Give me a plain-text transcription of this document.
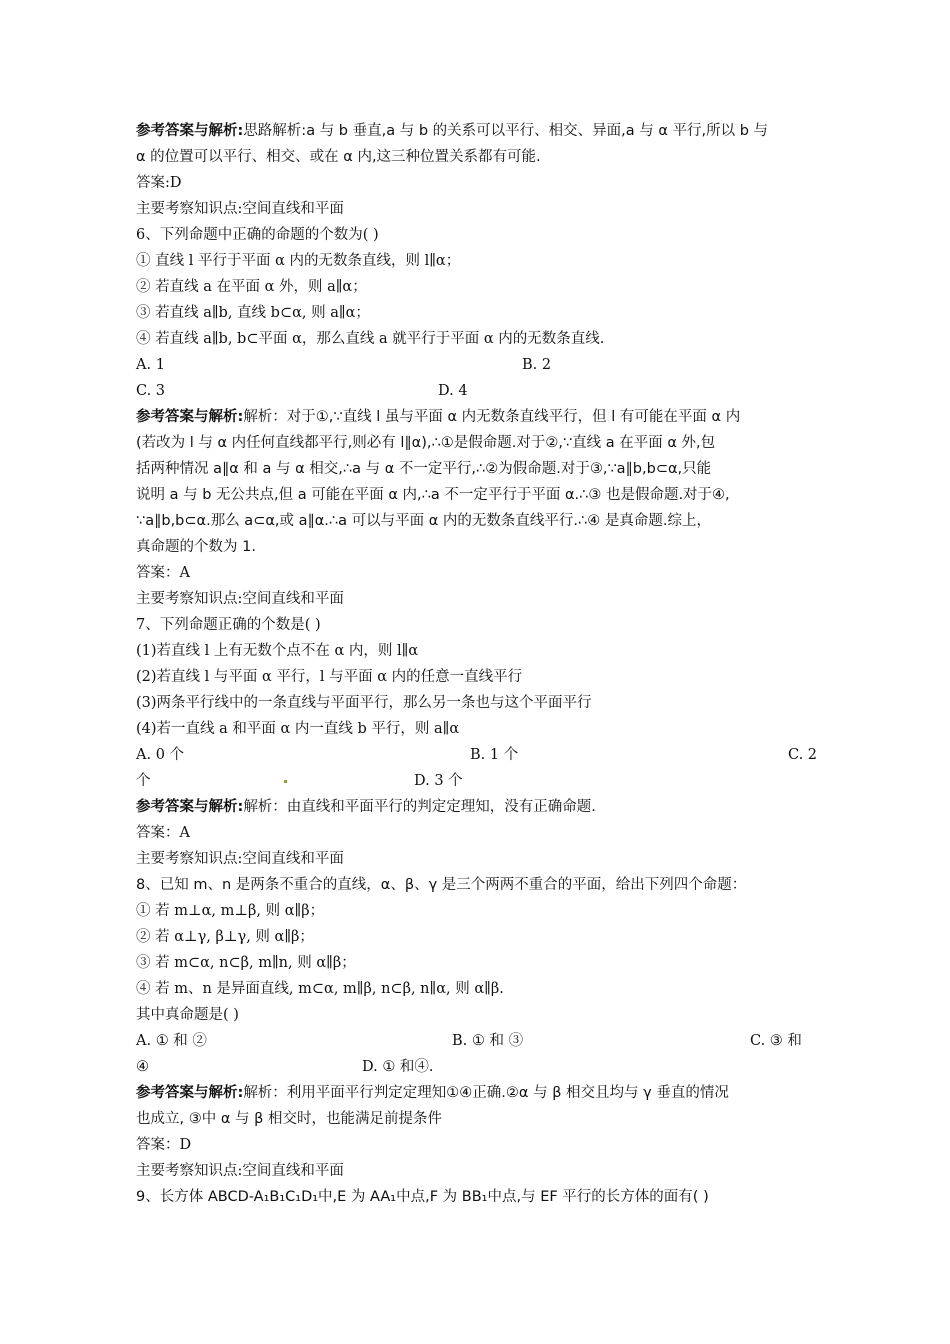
参考答案与解析:思路解析:a 与 b 垂直,a 与 b 的关系可以平行、相交、异面,a 与 α 平行,所以 b 与
α 的位置可以平行、相交、或在 α 内,这三种位置关系都有可能.
答案:D
主要考察知识点:空间直线和平面
6、下列命题中正确的命题的个数为( )
① 直线 l 平行于平面 α 内的无数条直线，则 l∥α；
② 若直线 a 在平面 α 外，则 a∥α；
③ 若直线 a∥b, 直线 b⊂α, 则 a∥α；
④ 若直线 a∥b, b⊂平面 α，那么直线 a 就平行于平面 α 内的无数条直线.
A. 1	B. 2
C. 3	D. 4
参考答案与解析:解析：对于①,∵直线 l 虽与平面 α 内无数条直线平行，但 l 有可能在平面 α 内
(若改为 l 与 α 内任何直线都平行,则必有 l∥α),∴①是假命题.对于②,∵直线 a 在平面 α 外,包
括两种情况 a∥α 和 a 与 α 相交,∴a 与 α 不一定平行,∴②为假命题.对于③,∵a∥b,b⊂α,只能
说明 a 与 b 无公共点,但 a 可能在平面 α 内,∴a 不一定平行于平面 α.∴③ 也是假命题.对于④,
∵a∥b,b⊂α.那么 a⊂α,或 a∥α.∴a 可以与平面 α 内的无数条直线平行.∴④ 是真命题.综上，
真命题的个数为 1.
答案：A
主要考察知识点:空间直线和平面
7、下列命题正确的个数是( )
(1)若直线 l 上有无数个点不在 α 内，则 l∥α
(2)若直线 l 与平面 α 平行，l 与平面 α 内的任意一直线平行
(3)两条平行线中的一条直线与平面平行，那么另一条也与这个平面平行
(4)若一直线 a 和平面 α 内一直线 b 平行，则 a∥α
A. 0 个	B. 1 个	C. 2
个	D. 3 个
参考答案与解析:解析：由直线和平面平行的判定定理知，没有正确命题.
答案：A
主要考察知识点:空间直线和平面
8、已知 m、n 是两条不重合的直线，α、β、γ 是三个两两不重合的平面，给出下列四个命题：
① 若 m⊥α, m⊥β, 则 α∥β；
② 若 α⊥γ, β⊥γ, 则 α∥β；
③ 若 m⊂α, n⊂β, m∥n, 则 α∥β；
④ 若 m、n 是异面直线, m⊂α, m∥β, n⊂β, n∥α, 则 α∥β.
其中真命题是( )
A. ① 和 ②	B. ① 和 ③	C. ③ 和
④	D. ① 和④.
参考答案与解析:解析：利用平面平行判定定理知①④正确.②α 与 β 相交且均与 γ 垂直的情况
也成立, ③中 α 与 β 相交时，也能满足前提条件
答案：D
主要考察知识点:空间直线和平面
9、长方体 ABCD-A₁B₁C₁D₁中,E 为 AA₁中点,F 为 BB₁中点,与 EF 平行的长方体的面有( )
